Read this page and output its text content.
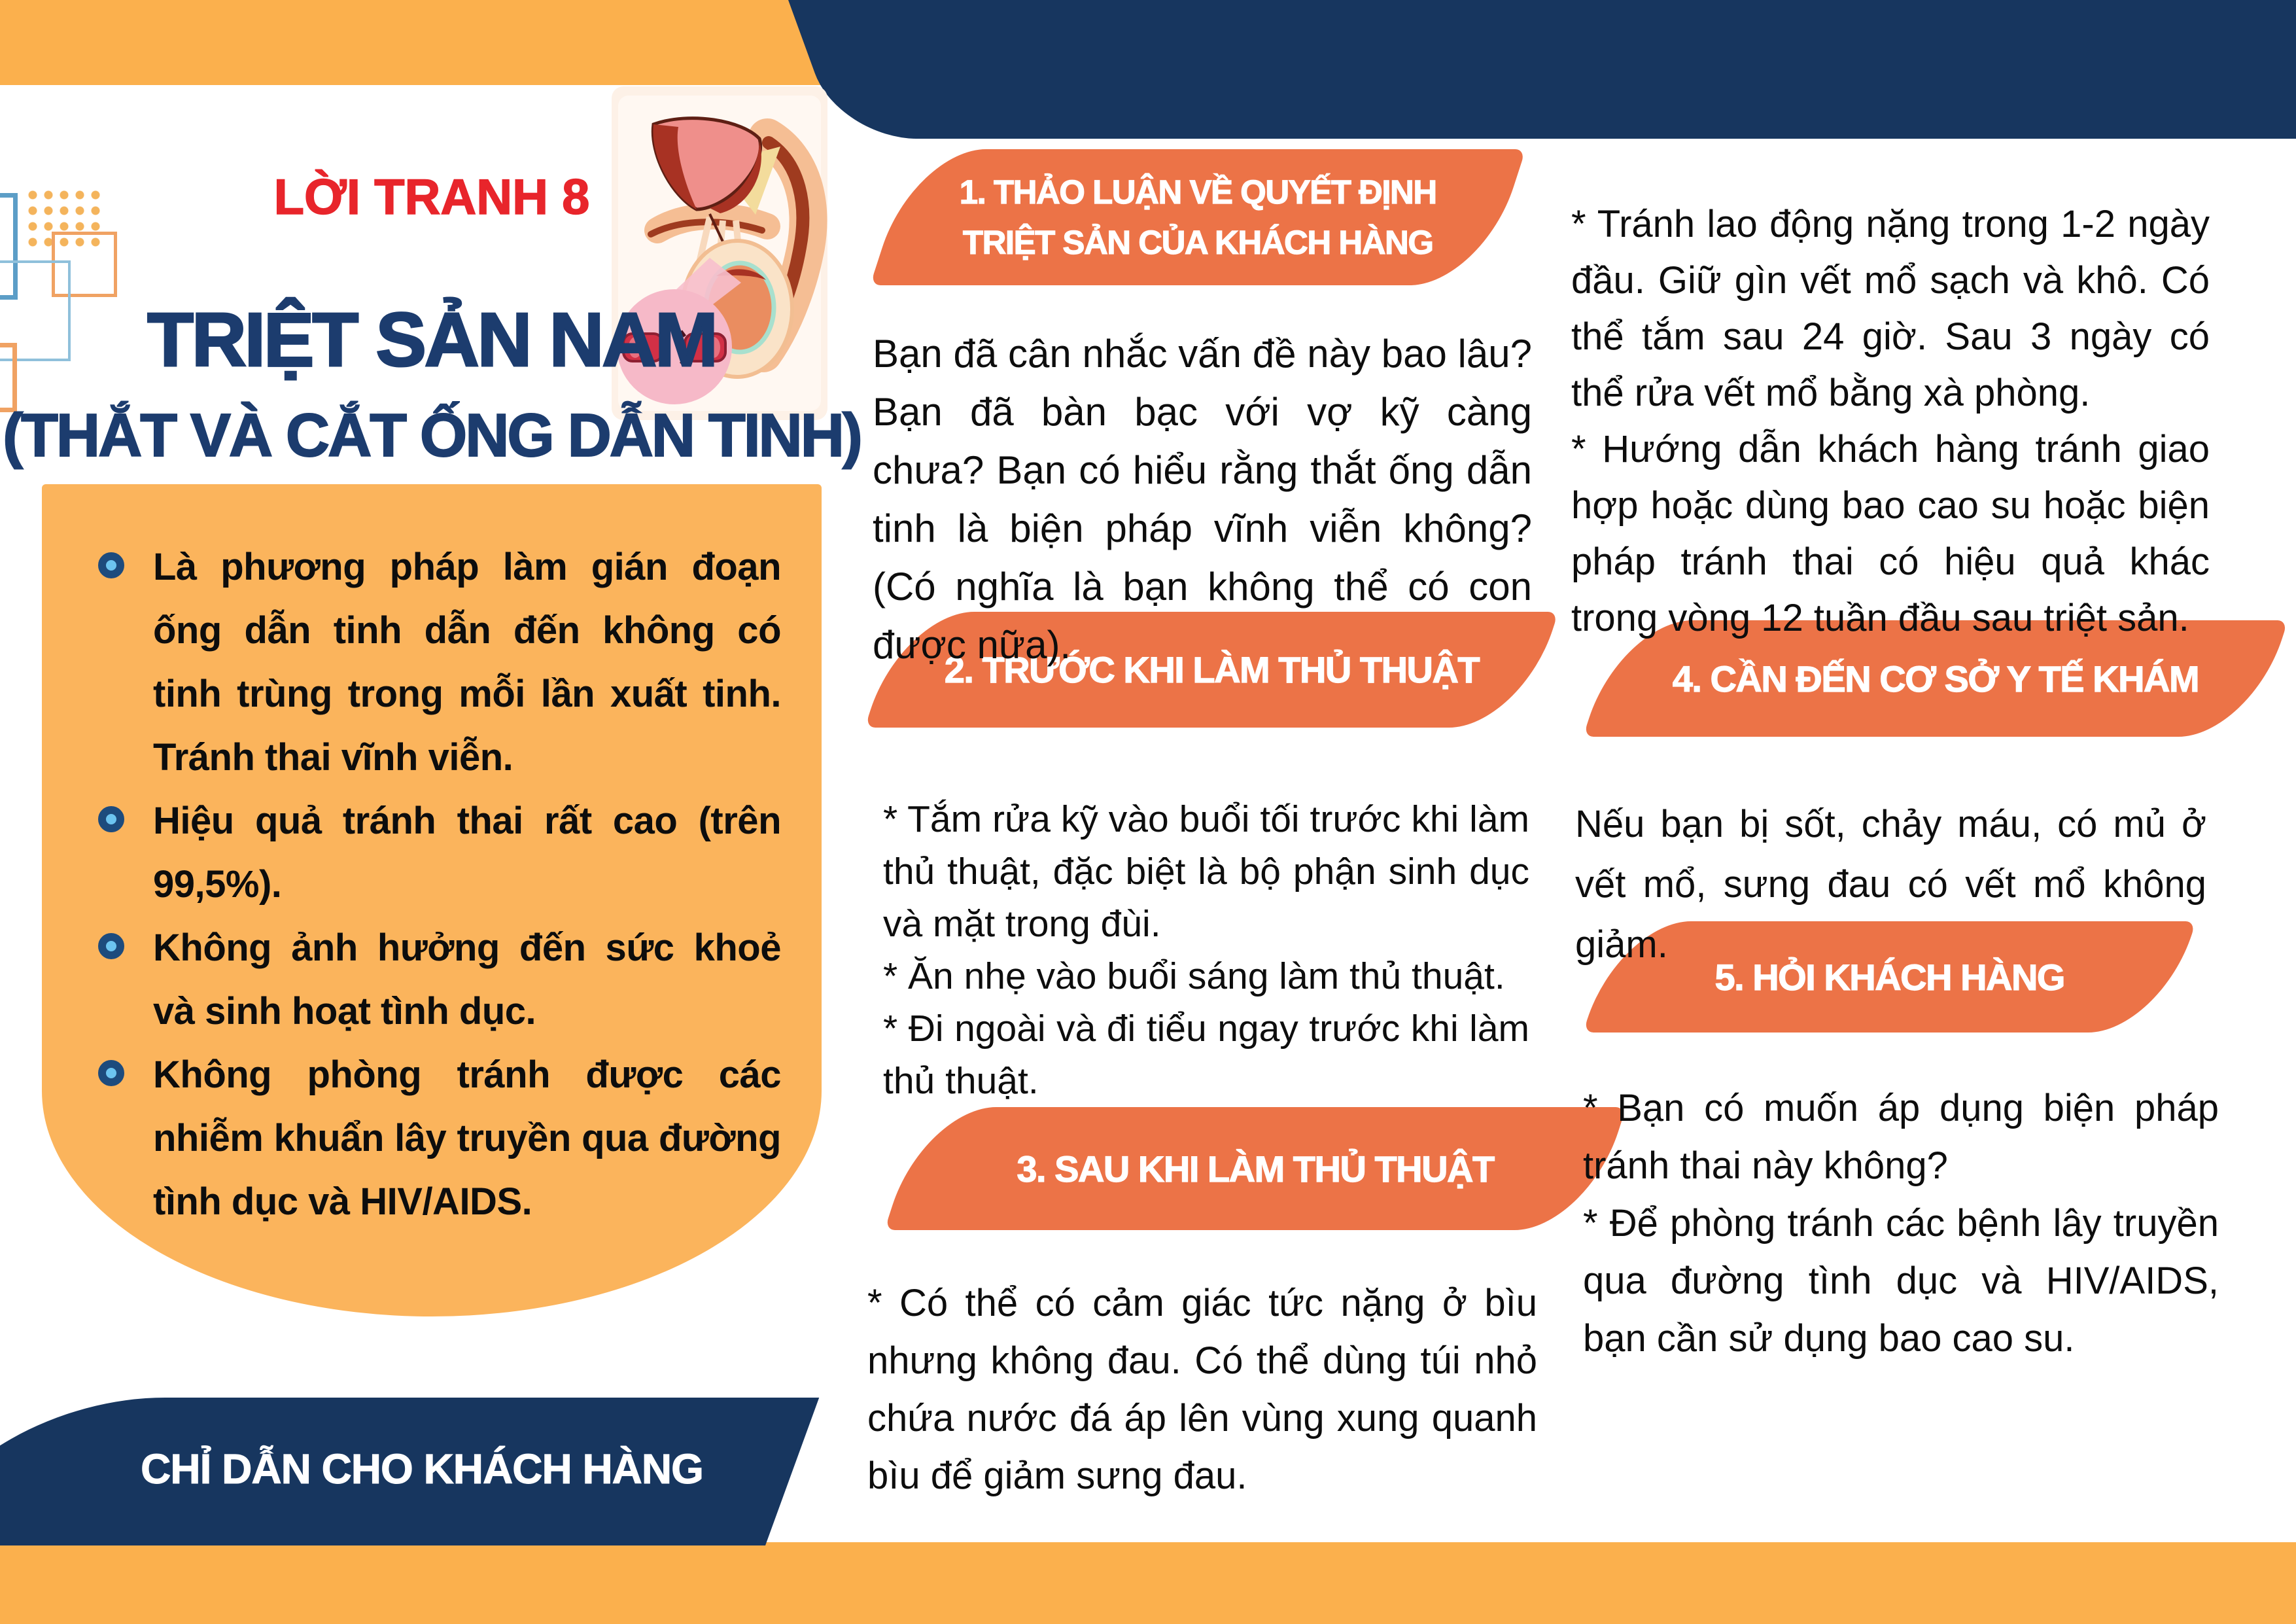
CHỈ DẪN CHO KHÁCH HÀNG
LỜI TRANH 8
TRIỆT SẢN NAM
(THẮT VÀ CẮT ỐNG DẪN TINH)

Là phương pháp làm gián đoạn ống dẫn tinh dẫn đến không có tinh trùng trong mỗi lần xuất tinh. Tránh thai vĩnh viễn.

Hiệu quả tránh thai rất cao (trên 99,5%).

Không ảnh hưởng đến sức khoẻ và sinh hoạt tình dục.

Không phòng tránh được các nhiễm khuẩn lây truyền qua đường tình dục và HIV/AIDS.

1. THẢO LUẬN VỀ QUYẾT ĐỊNH
TRIỆT SẢN CỦA KHÁCH HÀNG
2. TRƯỚC KHI LÀM THỦ THUẬT
3. SAU KHI LÀM THỦ THUẬT
4. CẦN ĐẾN CƠ SỞ Y TẾ KHÁM
5. HỎI KHÁCH HÀNG

Bạn đã cân nhắc vấn đề này bao lâu? Bạn đã bàn bạc với vợ kỹ càng chưa? Bạn có hiểu rằng thắt ống dẫn tinh là biện pháp vĩnh viễn không? (Có nghĩa là bạn không thể có con được nữa).

* Tắm rửa kỹ vào buổi tối trước khi làm thủ thuật, đặc biệt là bộ phận sinh dục và mặt trong đùi.

* Ăn nhẹ vào buổi sáng làm thủ thuật.

* Đi ngoài và đi tiểu ngay trước khi làm thủ thuật.

* Có thể có cảm giác tức nặng ở bìu nhưng không đau. Có thể dùng túi nhỏ chứa nước đá áp lên vùng xung quanh bìu để giảm sưng đau.

* Tránh lao động nặng trong 1-2 ngày đầu. Giữ gìn vết mổ sạch và khô. Có thể tắm sau 24 giờ. Sau 3 ngày có thể rửa vết mổ bằng xà phòng.

* Hướng dẫn khách hàng tránh giao hợp hoặc dùng bao cao su hoặc biện pháp tránh thai có hiệu quả khác trong vòng 12 tuần đầu sau triệt sản.

Nếu bạn bị sốt, chảy máu, có mủ ở vết mổ, sưng đau có vết mổ không giảm.

* Bạn có muốn áp dụng biện pháp tránh thai này không?

* Để phòng tránh các bệnh lây truyền qua đường tình dục và HIV/AIDS, bạn cần sử dụng bao cao su.
